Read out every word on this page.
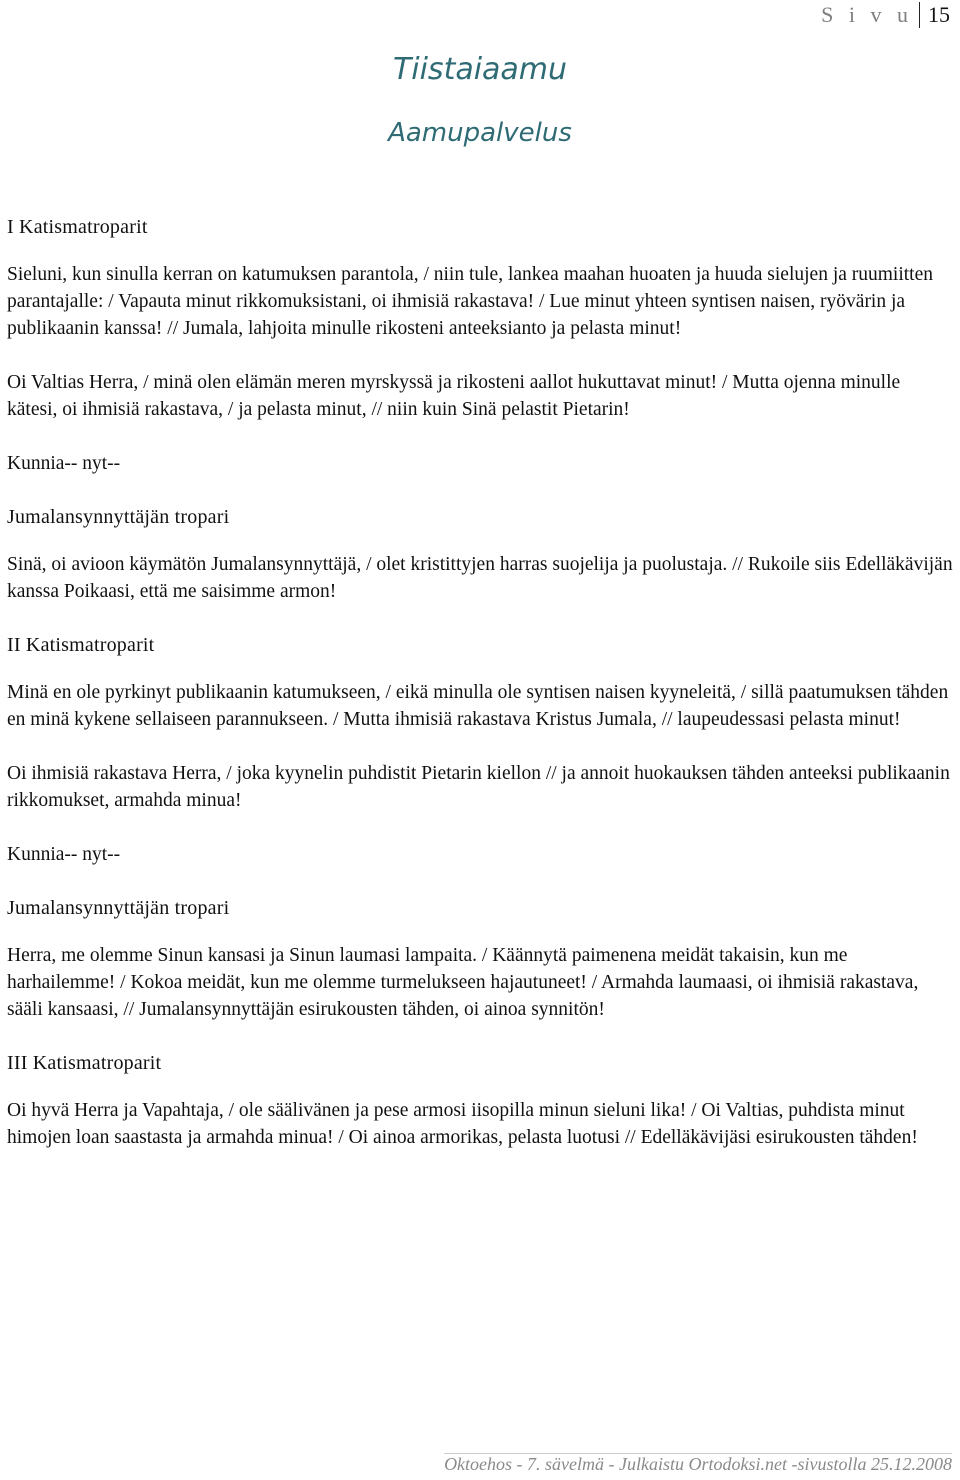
S i v u 15
Tiistaiaamu
Aamupalvelus
I Katismatroparit

Sieluni, kun sinulla kerran on katumuksen parantola, / niin tule, lankea maahan huoaten ja huuda sielujen ja ruumiitten parantajalle: / Vapauta minut rikkomuksistani, oi ihmisiä rakastava! / Lue minut yhteen syntisen naisen, ryövärin ja publikaanin kanssa! // Jumala, lahjoita minulle rikosteni anteeksianto ja pelasta minut!

Oi Valtias Herra, / minä olen elämän meren myrskyssä ja rikosteni aallot hukuttavat minut! / Mutta ojenna minulle kätesi, oi ihmisiä rakastava, / ja pelasta minut, // niin kuin Sinä pelastit Pietarin!

Kunnia-- nyt--

Jumalansynnyttäjän tropari

Sinä, oi avioon käymätön Jumalansynnyttäjä, / olet kristittyjen harras suojelija ja puolustaja. // Rukoile siis Edelläkävijän kanssa Poikaasi, että me saisimme armon!

II Katismatroparit

Minä en ole pyrkinyt publikaanin katumukseen, / eikä minulla ole syntisen naisen kyyneleitä, / sillä paatumuksen tähden en minä kykene sellaiseen parannukseen. / Mutta ihmisiä rakastava Kristus Jumala, // laupeudessasi pelasta minut!

Oi ihmisiä rakastava Herra, / joka kyynelin puhdistit Pietarin kiellon // ja annoit huokauksen tähden anteeksi publikaanin rikkomukset, armahda minua!

Kunnia-- nyt--

Jumalansynnyttäjän tropari

Herra, me olemme Sinun kansasi ja Sinun laumasi lampaita. / Käännytä paimenena meidät takaisin, kun me harhailemme! / Kokoa meidät, kun me olemme turmelukseen hajautuneet! / Armahda laumaasi, oi ihmisiä rakastava, sääli kansaasi, // Jumalansynnyttäjän esirukousten tähden, oi ainoa synnitön!

III Katismatroparit

Oi hyvä Herra ja Vapahtaja, / ole säälivänen ja pese armosi iisopilla minun sieluni lika! / Oi Valtias, puhdista minut himojen loan saastasta ja armahda minua! / Oi ainoa armorikas, pelasta luotusi // Edelläkävijäsi esirukousten tähden!

Oktoehos - 7. sävelmä - Julkaistu Ortodoksi.net -sivustolla 25.12.2008
